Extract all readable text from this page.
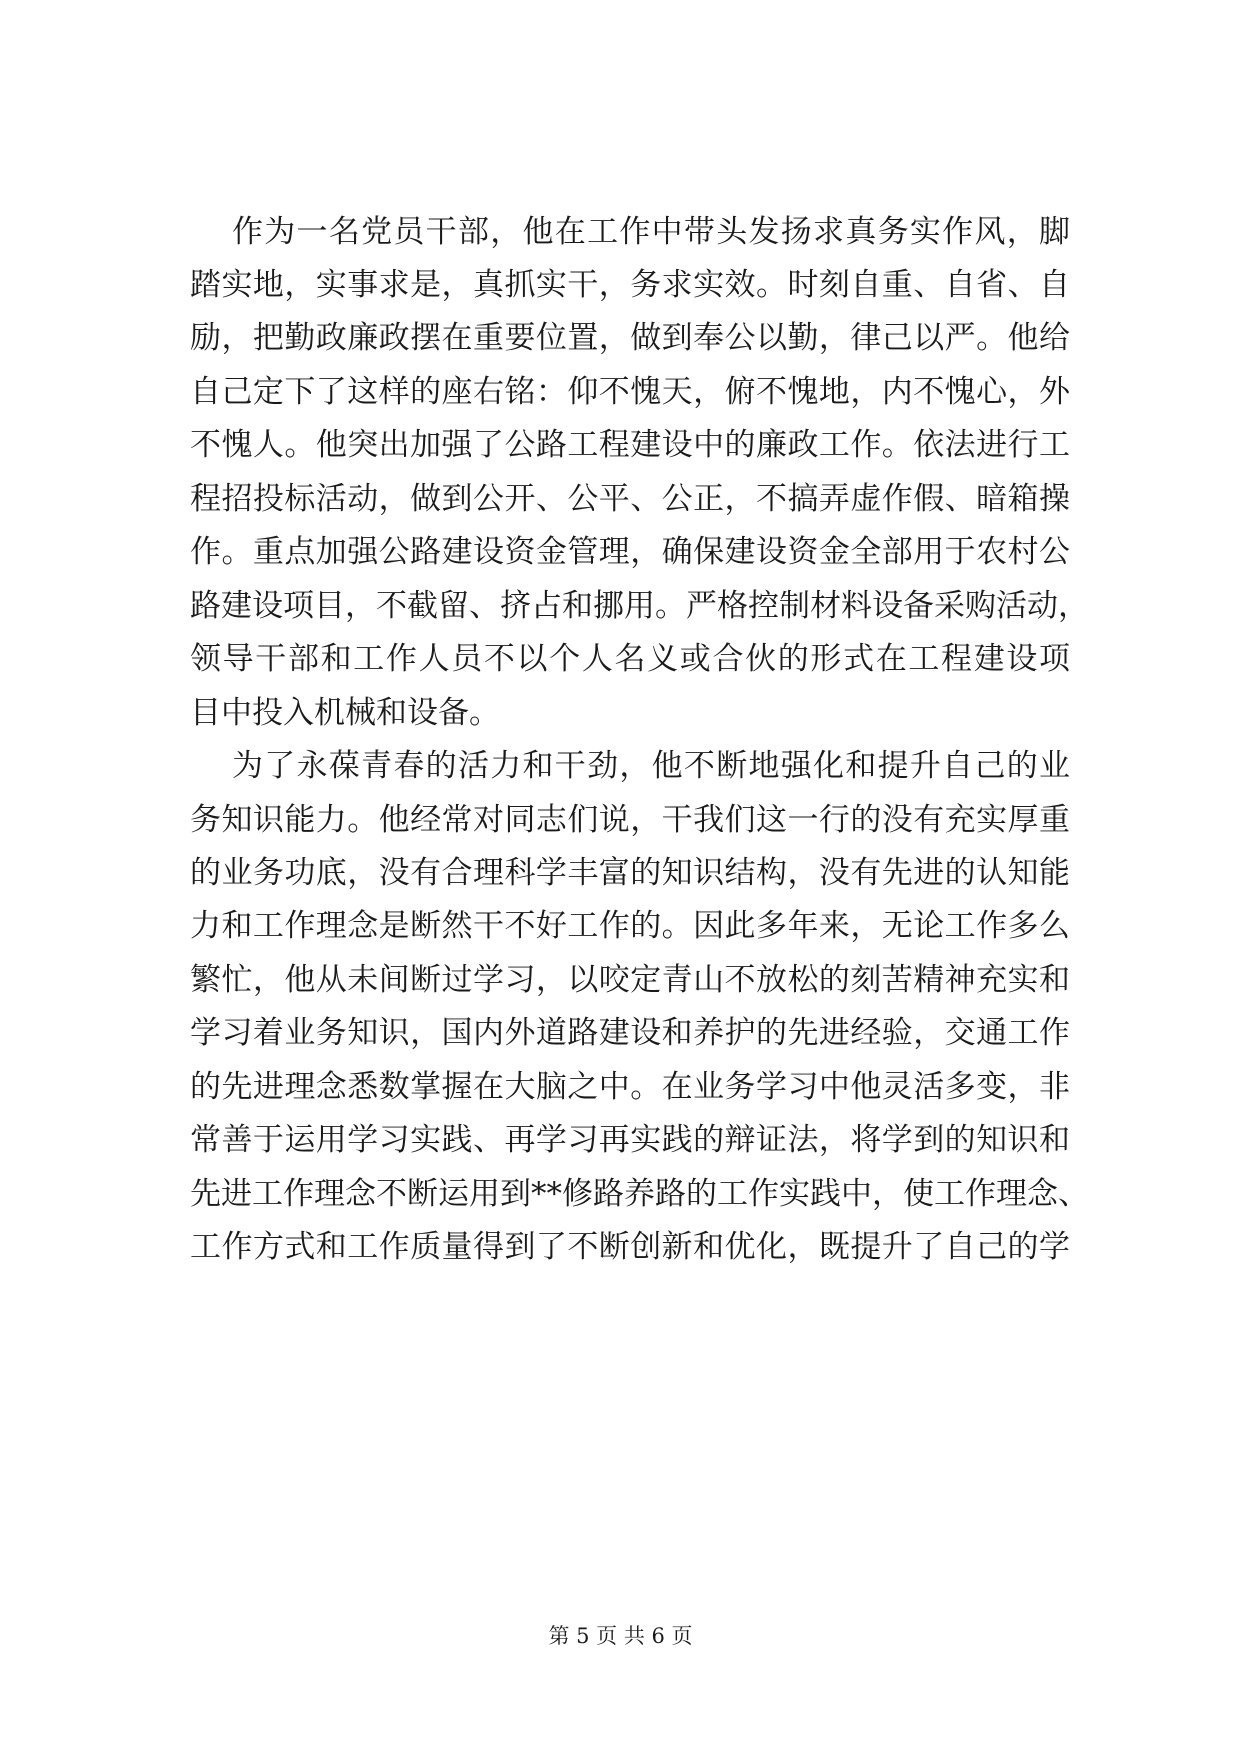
作为一名党员干部，他在工作中带头发扬求真务实作风，脚
踏实地，实事求是，真抓实干，务求实效。时刻自重、自省、自
励，把勤政廉政摆在重要位置，做到奉公以勤，律己以严。他给
自己定下了这样的座右铭：仰不愧天，俯不愧地，内不愧心，外
不愧人。他突出加强了公路工程建设中的廉政工作。依法进行工
程招投标活动，做到公开、公平、公正，不搞弄虚作假、暗箱操
作。重点加强公路建设资金管理，确保建设资金全部用于农村公
路建设项目，不截留、挤占和挪用。严格控制材料设备采购活动，
领导干部和工作人员不以个人名义或合伙的形式在工程建设项
目中投入机械和设备。
为了永葆青春的活力和干劲，他不断地强化和提升自己的业
务知识能力。他经常对同志们说，干我们这一行的没有充实厚重
的业务功底，没有合理科学丰富的知识结构，没有先进的认知能
力和工作理念是断然干不好工作的。因此多年来，无论工作多么
繁忙，他从未间断过学习，以咬定青山不放松的刻苦精神充实和
学习着业务知识，国内外道路建设和养护的先进经验，交通工作
的先进理念悉数掌握在大脑之中。在业务学习中他灵活多变，非
常善于运用学习实践、再学习再实践的辩证法，将学到的知识和
先进工作理念不断运用到**修路养路的工作实践中，使工作理念、
工作方式和工作质量得到了不断创新和优化，既提升了自己的学
第 5 页 共 6 页
